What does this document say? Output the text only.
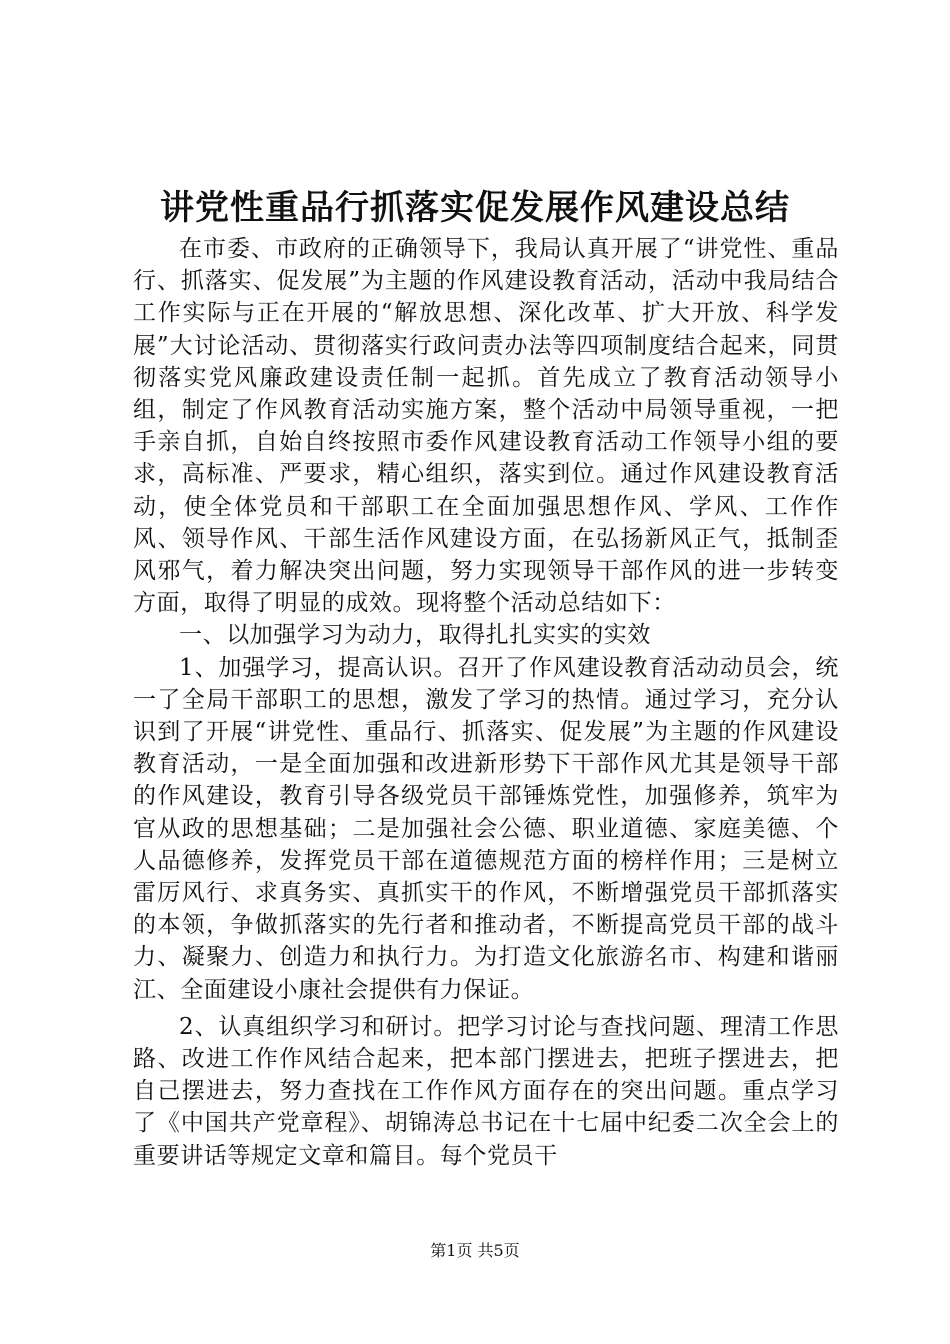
讲党性重品行抓落实促发展作风建设总结

在市委、市政府的正确领导下，我局认真开展了“讲党性、重品行、抓落实、促发展”为主题的作风建设教育活动，活动中我局结合工作实际与正在开展的“解放思想、深化改革、扩大开放、科学发展”大讨论活动、贯彻落实行政问责办法等四项制度结合起来，同贯彻落实党风廉政建设责任制一起抓。首先成立了教育活动领导小组，制定了作风教育活动实施方案，整个活动中局领导重视，一把手亲自抓，自始自终按照市委作风建设教育活动工作领导小组的要求，高标准、严要求，精心组织，落实到位。通过作风建设教育活动，使全体党员和干部职工在全面加强思想作风、学风、工作作风、领导作风、干部生活作风建设方面，在弘扬新风正气，抵制歪风邪气，着力解决突出问题，努力实现领导干部作风的进一步转变方面，取得了明显的成效。现将整个活动总结如下：

一、以加强学习为动力，取得扎扎实实的实效

1、加强学习，提高认识。召开了作风建设教育活动动员会，统一了全局干部职工的思想，激发了学习的热情。通过学习，充分认识到了开展“讲党性、重品行、抓落实、促发展”为主题的作风建设教育活动，一是全面加强和改进新形势下干部作风尤其是领导干部的作风建设，教育引导各级党员干部锤炼党性，加强修养，筑牢为官从政的思想基础；二是加强社会公德、职业道德、家庭美德、个人品德修养，发挥党员干部在道德规范方面的榜样作用；三是树立雷厉风行、求真务实、真抓实干的作风，不断增强党员干部抓落实的本领，争做抓落实的先行者和推动者，不断提高党员干部的战斗力、凝聚力、创造力和执行力。为打造文化旅游名市、构建和谐丽江、全面建设小康社会提供有力保证。

2、认真组织学习和研讨。把学习讨论与查找问题、理清工作思路、改进工作作风结合起来，把本部门摆进去，把班子摆进去，把自己摆进去，努力查找在工作作风方面存在的突出问题。重点学习了《中国共产党章程》、胡锦涛总书记在十七届中纪委二次全会上的重要讲话等规定文章和篇目。每个党员干

第1页 共5页
